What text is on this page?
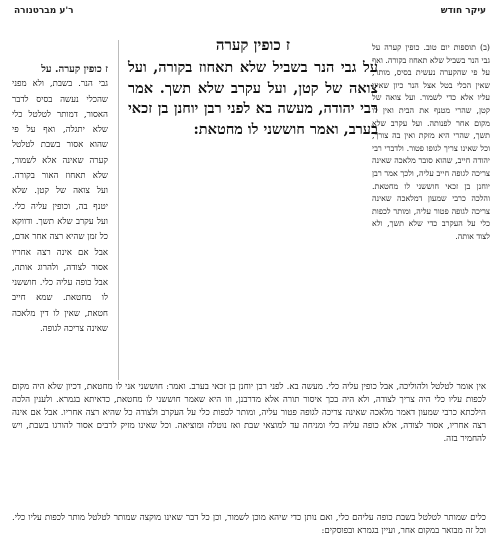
עיקר חודש
ר'ע מברטנורה
ז כופין קערה

על גבי הנר בשביל שלא תאחוז בקורה, ועל צואה של קטן, ועל עקרב שלא תשך. אמר רבי יהודה, מעשה בא לפני רבן יוחנן בן זכאי בערב, ואמר חוששני לו מחטאת:

ז כופין קערה. על
גבי הנר. בשבת, ולא מפני שהכלי נעשה בסיס לדבר האסור, דמותר לטלטל כלי שלא יתגלה, ואף על פי שהוא אסור בשבת לטלטל קערה שאינה אלא לשמור, שלא תאחוז האור בקורה. ועל צואה של קטן. שלא יטנף בה, וכופין עליה כלי. ועל עקרב שלא תשך. ודווקא כל זמן שהיא רצה אחר אדם, אבל אם אינה רצה אחריו אסור לצודה, ולהרוג אותה, אבל כופה עליה כלי. חוששני לו מחטאת. שמא חייב חטאת, שאין לו דין מלאכה שאינה צריכה לגופה.
(ב) תוספות יום טוב. כופין קערה על גבי הנר בשביל שלא תאחוז בקורה. ואף על פי שהקערה נעשית בסיס, מותר, שאין הכלי בטל אצל הנר כיון שאינו עליו אלא כדי לשמור. ועל צואה של קטן, שהרי מטנף את הבית ואין לו מקום אחר לפנותה. ועל עקרב שלא תשך, שהרי היא מזקת ואין בה צורך, וכל שאינו צריך לגופו פטור. ולדברי רבי יהודה חייב, שהוא סובר מלאכה שאינה צריכה לגופה חייב עליה, ולכך אמר רבן יוחנן בן זכאי חוששני לו מחטאת. והלכה כרבי שמעון דמלאכה שאינה צריכה לגופה פטור עליה, ומותר לכפות כלי על העקרב כדי שלא תשך, ולא לצוד אותה.
אין אומר לטלטל ולהוליכה, אבל כופין עליה כלי. מעשה בא. לפני רבן יוחנן בן זכאי בערב. ואמר: חוששני אני לו מחטאת, דכיון שלא היה מקום לכפות עליו כלי היה צריך לצודה, ולא היה בכך איסור תורה אלא מדרבנן, וזו היא שאמר חוששני לו מחטאת, כדאיתא בגמרא. ולענין הלכה הילכתא כרבי שמעון דאמר מלאכה שאינה צריכה לגופה פטור עליה, ומותר לכפות כלי על העקרב ולצודה כל שהיא רצה אחריו. אבל אם אינה רצה אחריו, אסור לצודה, אלא כופה עליה כלי ומניחה עד למוצאי שבת ואז נוטלה ומוציאה. וכל שאינו מזיק לרבים אסור להורגו בשבת, ויש להחמיר בזה.
כלים שמותר לטלטל בשבת כופה עליהם כלי, ואם נותן כדי שיהא מוכן לשמור, וכן כל דבר שאינו מוקצה שמותר לטלטל מותר לכפות עליו כלי. וכל זה מבואר במקום אחר, ועיין בגמרא ובפוסקים:
